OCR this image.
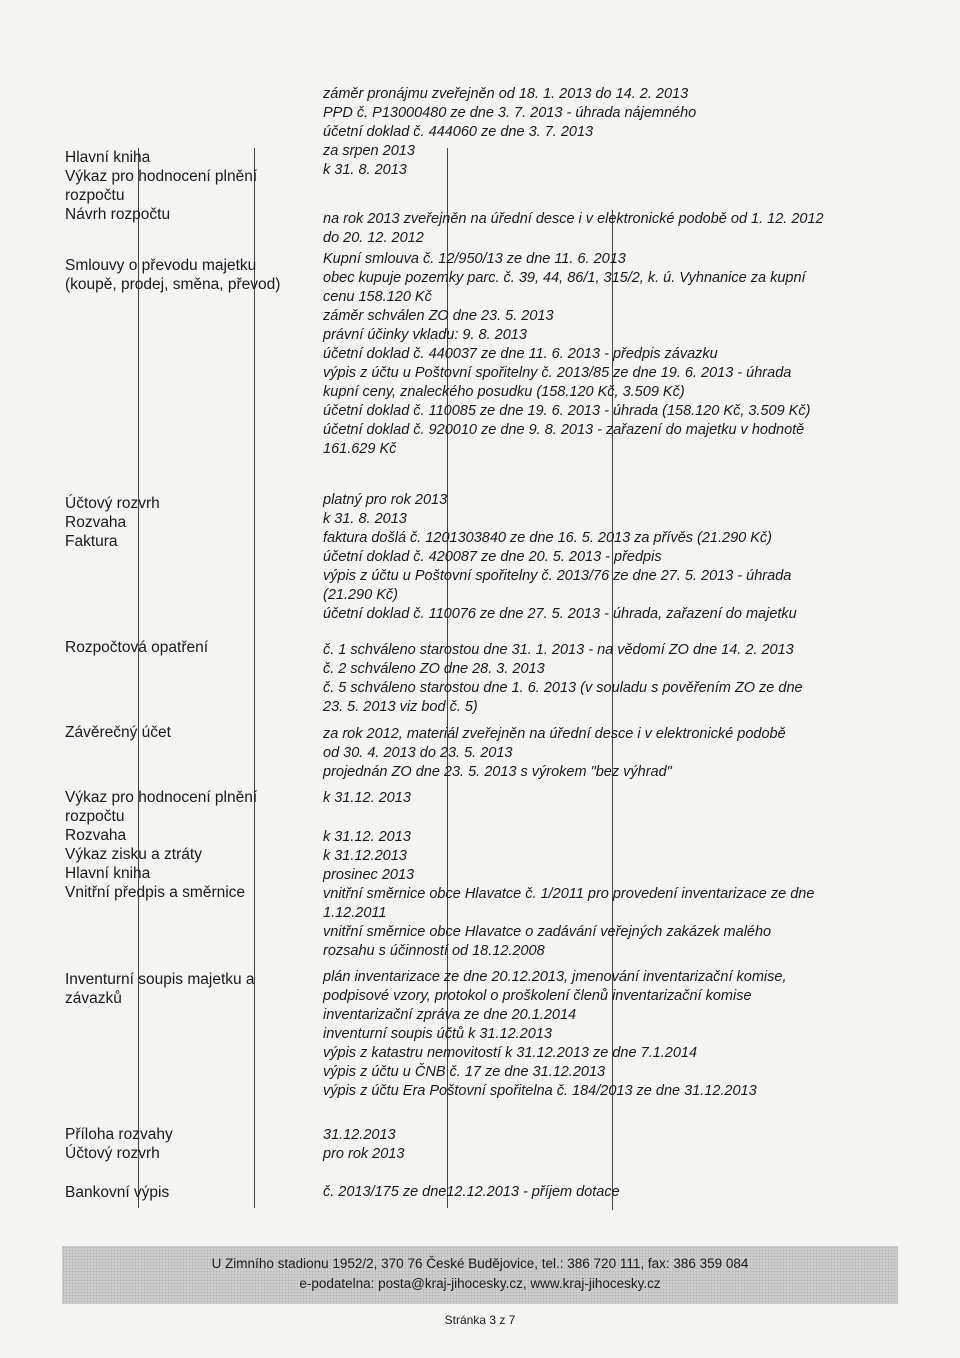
Hlavní kniha
Výkaz pro hodnocení plnění
rozpočtu
Návrh rozpočtu
Smlouvy o převodu majetku
(koupě, prodej, směna, převod)
Účtový rozvrh
Rozvaha
Faktura
Rozpočtová opatření
Závěrečný účet
Výkaz pro hodnocení plnění
rozpočtu
Rozvaha
Výkaz zisku a ztráty
Hlavní kniha
Vnitřní předpis a směrnice
Inventurní soupis majetku a
závazků
Příloha rozvahy
Účtový rozvrh
Bankovní výpis
záměr pronájmu zveřejněn od 18. 1. 2013 do 14. 2. 2013
PPD č. P13000480 ze dne 3. 7. 2013 - úhrada nájemného
účetní doklad č. 444060 ze dne 3. 7. 2013
za srpen 2013
k 31. 8. 2013
na rok 2013 zveřejněn na úřední desce i v elektronické podobě od 1. 12. 2012
do 20. 12. 2012
Kupní smlouva č. 12/950/13 ze dne 11. 6. 2013
obec kupuje pozemky parc. č. 39, 44, 86/1, 315/2, k. ú. Vyhnanice za kupní
cenu 158.120 Kč
záměr schválen ZO dne 23. 5. 2013
právní účinky vkladu: 9. 8. 2013
účetní doklad č. 440037 ze dne 11. 6. 2013 - předpis závazku
výpis z účtu u Poštovní spořitelny č. 2013/85 ze dne 19. 6. 2013 - úhrada
kupní ceny, znaleckého posudku (158.120 Kč, 3.509 Kč)
účetní doklad č. 110085 ze dne 19. 6. 2013 - úhrada (158.120 Kč, 3.509 Kč)
účetní doklad č. 920010 ze dne 9. 8. 2013 - zařazení do majetku v hodnotě
161.629 Kč
platný pro rok 2013
k 31. 8. 2013
faktura došlá č. 1201303840 ze dne 16. 5. 2013 za přívěs (21.290 Kč)
účetní doklad č. 420087 ze dne 20. 5. 2013 - předpis
výpis z účtu u Poštovní spořitelny č. 2013/76 ze dne 27. 5. 2013 - úhrada
(21.290 Kč)
účetní doklad č. 110076 ze dne 27. 5. 2013 - úhrada, zařazení do majetku
č. 1 schváleno starostou dne 31. 1. 2013 - na vědomí ZO dne 14. 2. 2013
č. 2 schváleno ZO dne 28. 3. 2013
č. 5 schváleno starostou dne 1. 6. 2013 (v souladu s pověřením ZO ze dne
23. 5. 2013 viz bod č. 5)
za rok 2012, materiál zveřejněn na úřední desce i v elektronické podobě
od 30. 4. 2013 do 23. 5. 2013
projednán ZO dne 23. 5. 2013 s výrokem "bez výhrad"
k 31.12. 2013
k 31.12. 2013
k 31.12.2013
prosinec 2013
vnitřní směrnice obce Hlavatce č. 1/2011 pro provedení inventarizace ze dne
1.12.2011
vnitřní směrnice obce Hlavatce o zadávání veřejných zakázek malého
rozsahu s účinností od 18.12.2008
plán inventarizace ze dne 20.12.2013, jmenování inventarizační komise,
podpisové vzory, protokol o proškolení členů inventarizační komise
inventarizační zpráva ze dne 20.1.2014
inventurní soupis účtů k 31.12.2013
výpis z katastru nemovitostí k 31.12.2013 ze dne 7.1.2014
výpis z účtu u ČNB č. 17 ze dne 31.12.2013
výpis z účtu Era Poštovní spořitelna č. 184/2013 ze dne 31.12.2013
31.12.2013
pro rok 2013
č. 2013/175 ze dne12.12.2013 - příjem dotace
U Zimního stadionu 1952/2, 370 76 České Budějovice, tel.: 386 720 111, fax: 386 359 084
e-podatelna: posta@kraj-jihocesky.cz, www.kraj-jihocesky.cz
Stránka 3 z 7
